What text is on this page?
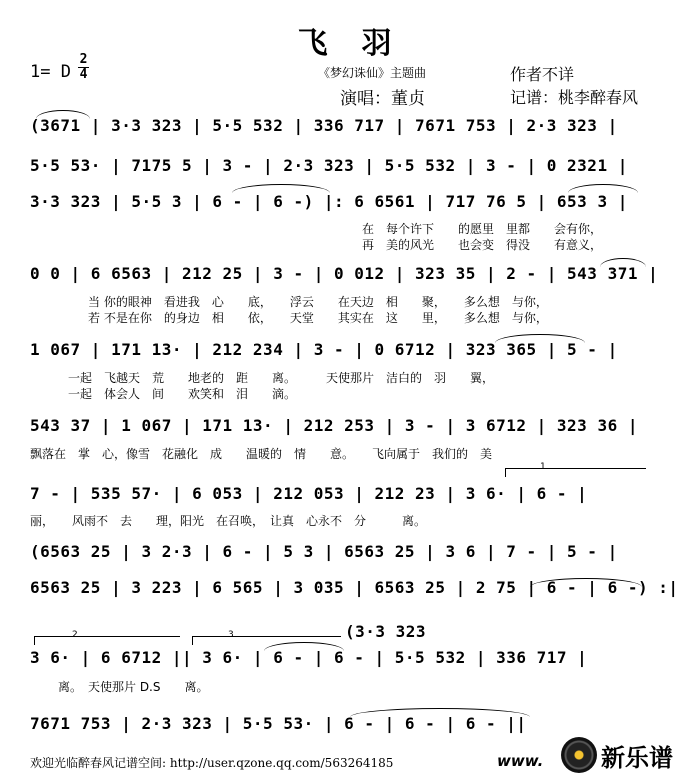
飞　羽
1= D
2
4	《梦幻诛仙》主题曲
演唱：董贞
作者不详
记谱：桃李醉春风
(3671 | 3·3 323 | 5·5 532 | 336 717 | 7671 753 | 2·3 323 |
5·5 53· | 7175 5 | 3 - | 2·3 323 | 5·5 532 | 3 - | 0 2321 |
3·3 323 | 5·5 3 | 6 - | 6 -) |: 6 6561 | 717 76 5 | 653 3 |
在　每个许下　　的愿里　里都　　会有你，
再　美的风光　　也会变　得没　　有意义，
0 0 | 6 6563 | 212 25 | 3 - | 0 012 | 323 35 | 2 - | 543 371 |
当 你的眼神　看进我　心　　底，　　浮云　　在天边　相　　聚，　　多么想　与你，
若 不是在你　的身边　相　　依，　　天堂　　其实在　这　　里，　　多么想　与你，
1 067 | 171 13· | 212 234 | 3 - | 0 6712 | 323 365 | 5 - |
一起　飞越天　荒　　地老的　距　　离。　　　天使那片　洁白的　羽　　翼，
一起　体会人　间　　欢笑和　泪　　滴。
543 37 | 1 067 | 171 13· | 212 253 | 3 - | 3 6712 | 323 36 |
飘落在　掌　心，像雪　花融化　成　　温暖的　情　　意。　　飞向属于　我们的　美
7 - | 535 57· | 6 053 | 212 053 | 212 23 | 3 6· | 6 - |
丽，　　风雨不　去　　理，阳光　在召唤，　让真　心永不　分　　　离。
1
(6563 25 | 3 2·3 | 6 - | 5 3 | 6563 25 | 3 6 | 7 - | 5 - |
6563 25 | 3 223 | 6 565 | 3 035 | 6563 25 | 2 75 | 6 - | 6 -) :|
3 6· | 6 6712 || 3 6· | 6 - | 6 - | 5·5 532 | 336 717 |
(3·3 323
离。　天使那片 D.S　　离。
2	3
7671 753 | 2·3 323 | 5·5 53· | 6 - | 6 - | 6 - ||
欢迎光临醉春风记谱空间: http://user.qzone.qq.com/563264185	www. 新乐谱
